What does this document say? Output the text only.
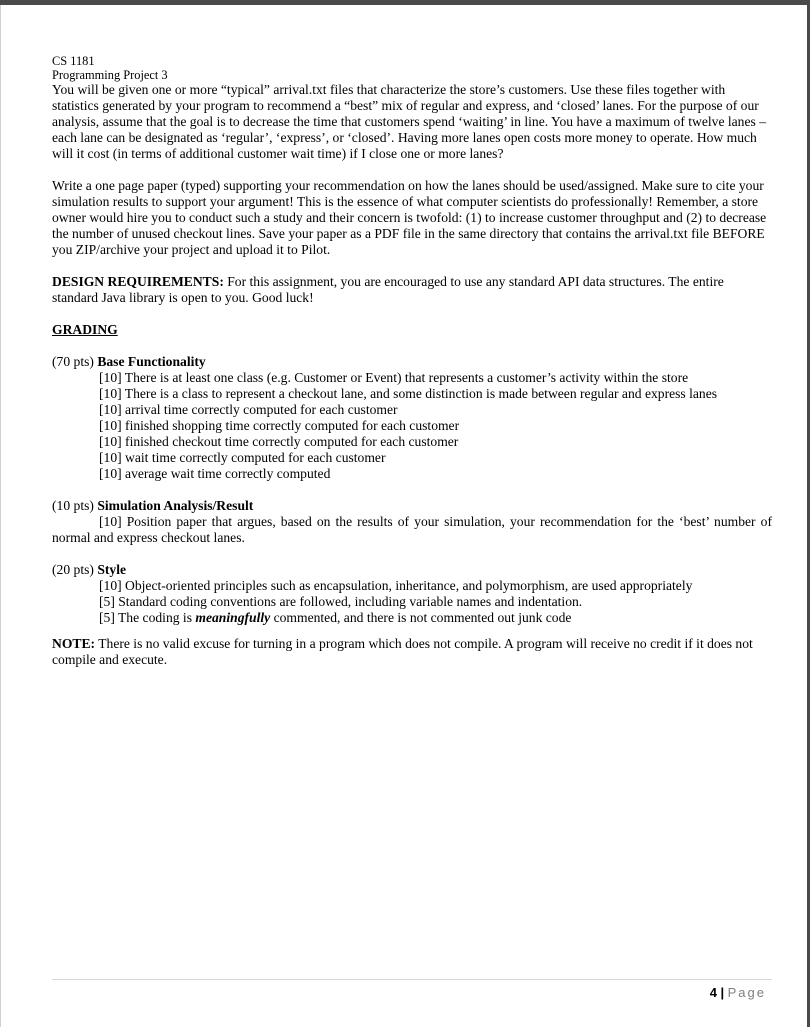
CS 1181

Programming Project 3

You will be given one or more “typical” arrival.txt files that characterize the store’s customers. Use these files together with statistics generated by your program to recommend a “best” mix of regular and express, and ‘closed’ lanes. For the purpose of our analysis, assume that the goal is to decrease the time that customers spend ‘waiting’ in line. You have a maximum of twelve lanes – each lane can be designated as ‘regular’, ‘express’, or ‘closed’. Having more lanes open costs more money to operate. How much will it cost (in terms of additional customer wait time) if I close one or more lanes?

Write a one page paper (typed) supporting your recommendation on how the lanes should be used/assigned. Make sure to cite your simulation results to support your argument! This is the essence of what computer scientists do professionally! Remember, a store owner would hire you to conduct such a study and their concern is twofold: (1) to increase customer throughput and (2) to decrease the number of unused checkout lines. Save your paper as a PDF file in the same directory that contains the arrival.txt file BEFORE you ZIP/archive your project and upload it to Pilot.

DESIGN REQUIREMENTS: For this assignment, you are encouraged to use any standard API data structures. The entire standard Java library is open to you. Good luck!

GRADING

(70 pts) Base Functionality

[10] There is at least one class (e.g. Customer or Event) that represents a customer’s activity within the store

[10] There is a class to represent a checkout lane, and some distinction is made between regular and express lanes

[10] arrival time correctly computed for each customer

[10] finished shopping time correctly computed for each customer

[10] finished checkout time correctly computed for each customer

[10] wait time correctly computed for each customer

[10] average wait time correctly computed

(10 pts) Simulation Analysis/Result

[10] Position paper that argues, based on the results of your simulation, your recommendation for the ‘best’ number of normal and express checkout lanes.

(20 pts) Style

[10] Object-oriented principles such as encapsulation, inheritance, and polymorphism, are used appropriately

[5] Standard coding conventions are followed, including variable names and indentation.

[5] The coding is meaningfully commented, and there is not commented out junk code

NOTE: There is no valid excuse for turning in a program which does not compile. A program will receive no credit if it does not compile and execute.

4 | Page
